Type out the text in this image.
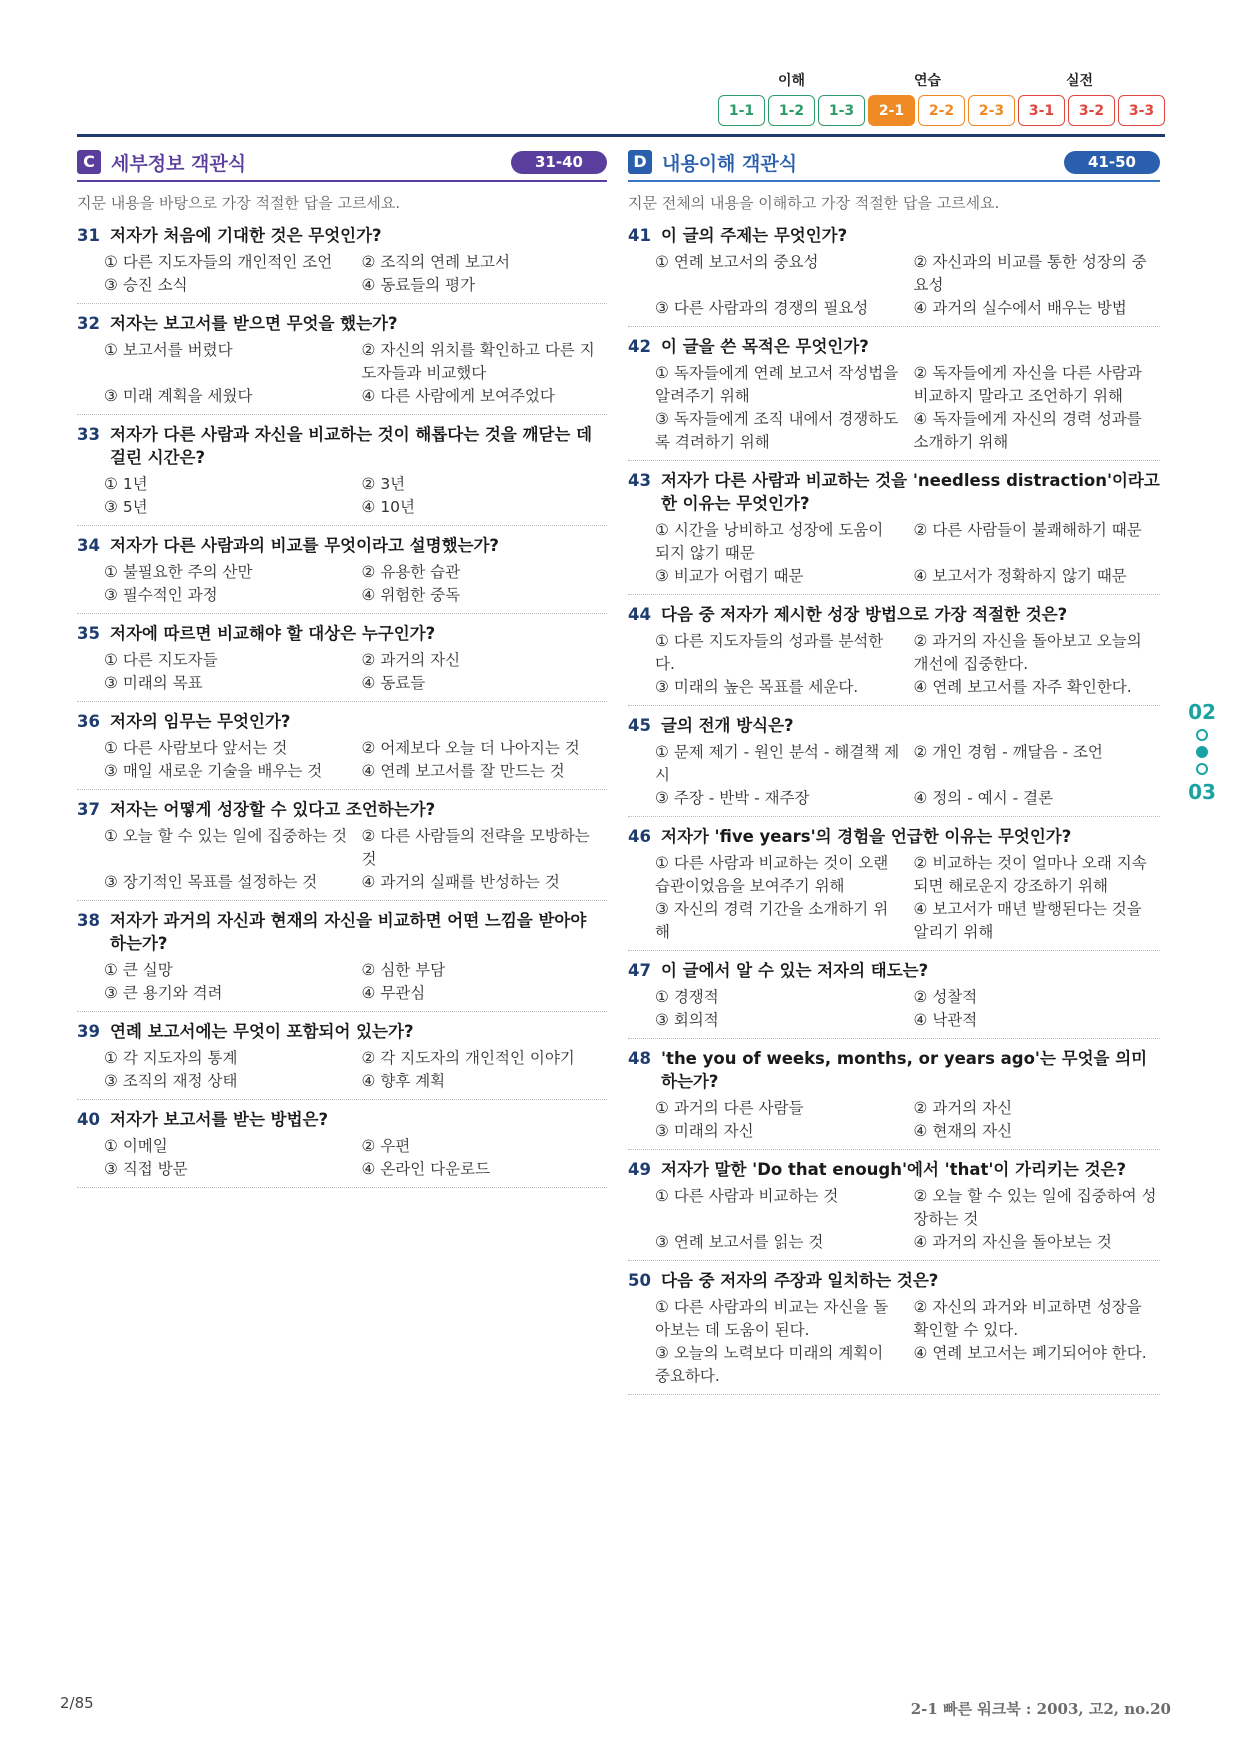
이해	연습	실전
1-1	1-2	1-3	2-1	2-2	2-3	3-1	3-2	3-3
C 세부정보 객관식	31-40
지문 내용을 바탕으로 가장 적절한 답을 고르세요.
31 저자가 처음에 기대한 것은 무엇인가?
① 다른 지도자들의 개인적인 조언	② 조직의 연례 보고서
③ 승진 소식	④ 동료들의 평가
32 저자는 보고서를 받으면 무엇을 했는가?
① 보고서를 버렸다	② 자신의 위치를 확인하고 다른 지도자들과 비교했다
③ 미래 계획을 세웠다	④ 다른 사람에게 보여주었다
33 저자가 다른 사람과 자신을 비교하는 것이 해롭다는 것을 깨닫는 데 걸린 시간은?
① 1년	② 3년
③ 5년	④ 10년
34 저자가 다른 사람과의 비교를 무엇이라고 설명했는가?
① 불필요한 주의 산만	② 유용한 습관
③ 필수적인 과정	④ 위험한 중독
35 저자에 따르면 비교해야 할 대상은 누구인가?
① 다른 지도자들	② 과거의 자신
③ 미래의 목표	④ 동료들
36 저자의 임무는 무엇인가?
① 다른 사람보다 앞서는 것	② 어제보다 오늘 더 나아지는 것
③ 매일 새로운 기술을 배우는 것	④ 연례 보고서를 잘 만드는 것
37 저자는 어떻게 성장할 수 있다고 조언하는가?
① 오늘 할 수 있는 일에 집중하는 것 ② 다른 사람들의 전략을 모방하는 것
③ 장기적인 목표를 설정하는 것	④ 과거의 실패를 반성하는 것
38 저자가 과거의 자신과 현재의 자신을 비교하면 어떤 느낌을 받아야 하는가?
① 큰 실망	② 심한 부담
③ 큰 용기와 격려	④ 무관심
39 연례 보고서에는 무엇이 포함되어 있는가?
① 각 지도자의 통계	② 각 지도자의 개인적인 이야기
③ 조직의 재정 상태	④ 향후 계획
40 저자가 보고서를 받는 방법은?
① 이메일	② 우편
③ 직접 방문	④ 온라인 다운로드
D 내용이해 객관식	41-50
지문 전체의 내용을 이해하고 가장 적절한 답을 고르세요.
41 이 글의 주제는 무엇인가?
① 연례 보고서의 중요성	② 자신과의 비교를 통한 성장의 중요성
③ 다른 사람과의 경쟁의 필요성	④ 과거의 실수에서 배우는 방법
42 이 글을 쓴 목적은 무엇인가?
① 독자들에게 연례 보고서 작성법을 알려주기 위해
② 독자들에게 자신을 다른 사람과 비교하지 말라고 조언하기 위해
③ 독자들에게 조직 내에서 경쟁하도록 격려하기 위해
④ 독자들에게 자신의 경력 성과를 소개하기 위해
43 저자가 다른 사람과 비교하는 것을 'needless distraction'이라고 한 이유는 무엇인가?
① 시간을 낭비하고 성장에 도움이 되지 않기 때문
② 다른 사람들이 불쾌해하기 때문
③ 비교가 어렵기 때문	④ 보고서가 정확하지 않기 때문
44 다음 중 저자가 제시한 성장 방법으로 가장 적절한 것은?
① 다른 지도자들의 성과를 분석한다.
② 과거의 자신을 돌아보고 오늘의 개선에 집중한다.
③ 미래의 높은 목표를 세운다.	④ 연례 보고서를 자주 확인한다.
45 글의 전개 방식은?
① 문제 제기 - 원인 분석 - 해결책 제시
② 개인 경험 - 깨달음 - 조언
③ 주장 - 반박 - 재주장	④ 정의 - 예시 - 결론
46 저자가 'five years'의 경험을 언급한 이유는 무엇인가?
① 다른 사람과 비교하는 것이 오랜 습관이었음을 보여주기 위해
② 비교하는 것이 얼마나 오래 지속되면 해로운지 강조하기 위해
③ 자신의 경력 기간을 소개하기 위해
④ 보고서가 매년 발행된다는 것을 알리기 위해
47 이 글에서 알 수 있는 저자의 태도는?
① 경쟁적	② 성찰적
③ 회의적	④ 낙관적
48 'the you of weeks, months, or years ago'는 무엇을 의미하는가?
① 과거의 다른 사람들	② 과거의 자신
③ 미래의 자신	④ 현재의 자신
49 저자가 말한 'Do that enough'에서 'that'이 가리키는 것은?
① 다른 사람과 비교하는 것	② 오늘 할 수 있는 일에 집중하여 성장하는 것
③ 연례 보고서를 읽는 것	④ 과거의 자신을 돌아보는 것
50 다음 중 저자의 주장과 일치하는 것은?
① 다른 사람과의 비교는 자신을 돌아보는 데 도움이 된다.
② 자신의 과거와 비교하면 성장을 확인할 수 있다.
③ 오늘의 노력보다 미래의 계획이 중요하다.
④ 연례 보고서는 폐기되어야 한다.
02
03
2/85	2-1 빠른 워크북 : 2003, 고2, no.20
